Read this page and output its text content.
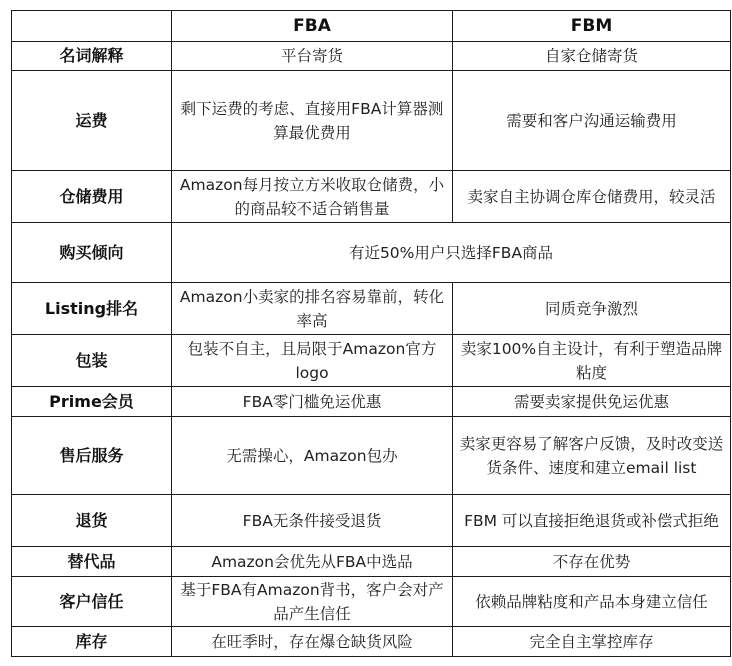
	FBA	FBM
名词解释	平台寄货	自家仓储寄货
运费	剩下运费的考虑、直接用FBA计算器测算最优费用	需要和客户沟通运输费用
仓储费用	Amazon每月按立方米收取仓储费，小的商品较不适合销售量	卖家自主协调仓库仓储费用，较灵活
购买倾向	有近50%用户只选择FBA商品	
Listing排名	Amazon小卖家的排名容易靠前，转化率高	同质竞争激烈
包装	包装不自主，且局限于Amazon官方logo	卖家100%自主设计，有利于塑造品牌粘度
Prime会员	FBA零门槛免运优惠	需要卖家提供免运优惠
售后服务	无需操心，Amazon包办	卖家更容易了解客户反馈，及时改变送货条件、速度和建立email list
退货	FBA无条件接受退货	FBM 可以直接拒绝退货或补偿式拒绝
替代品	Amazon会优先从FBA中选品	不存在优势
客户信任	基于FBA有Amazon背书，客户会对产品产生信任	依赖品牌粘度和产品本身建立信任
库存	在旺季时，存在爆仓缺货风险	完全自主掌控库存
